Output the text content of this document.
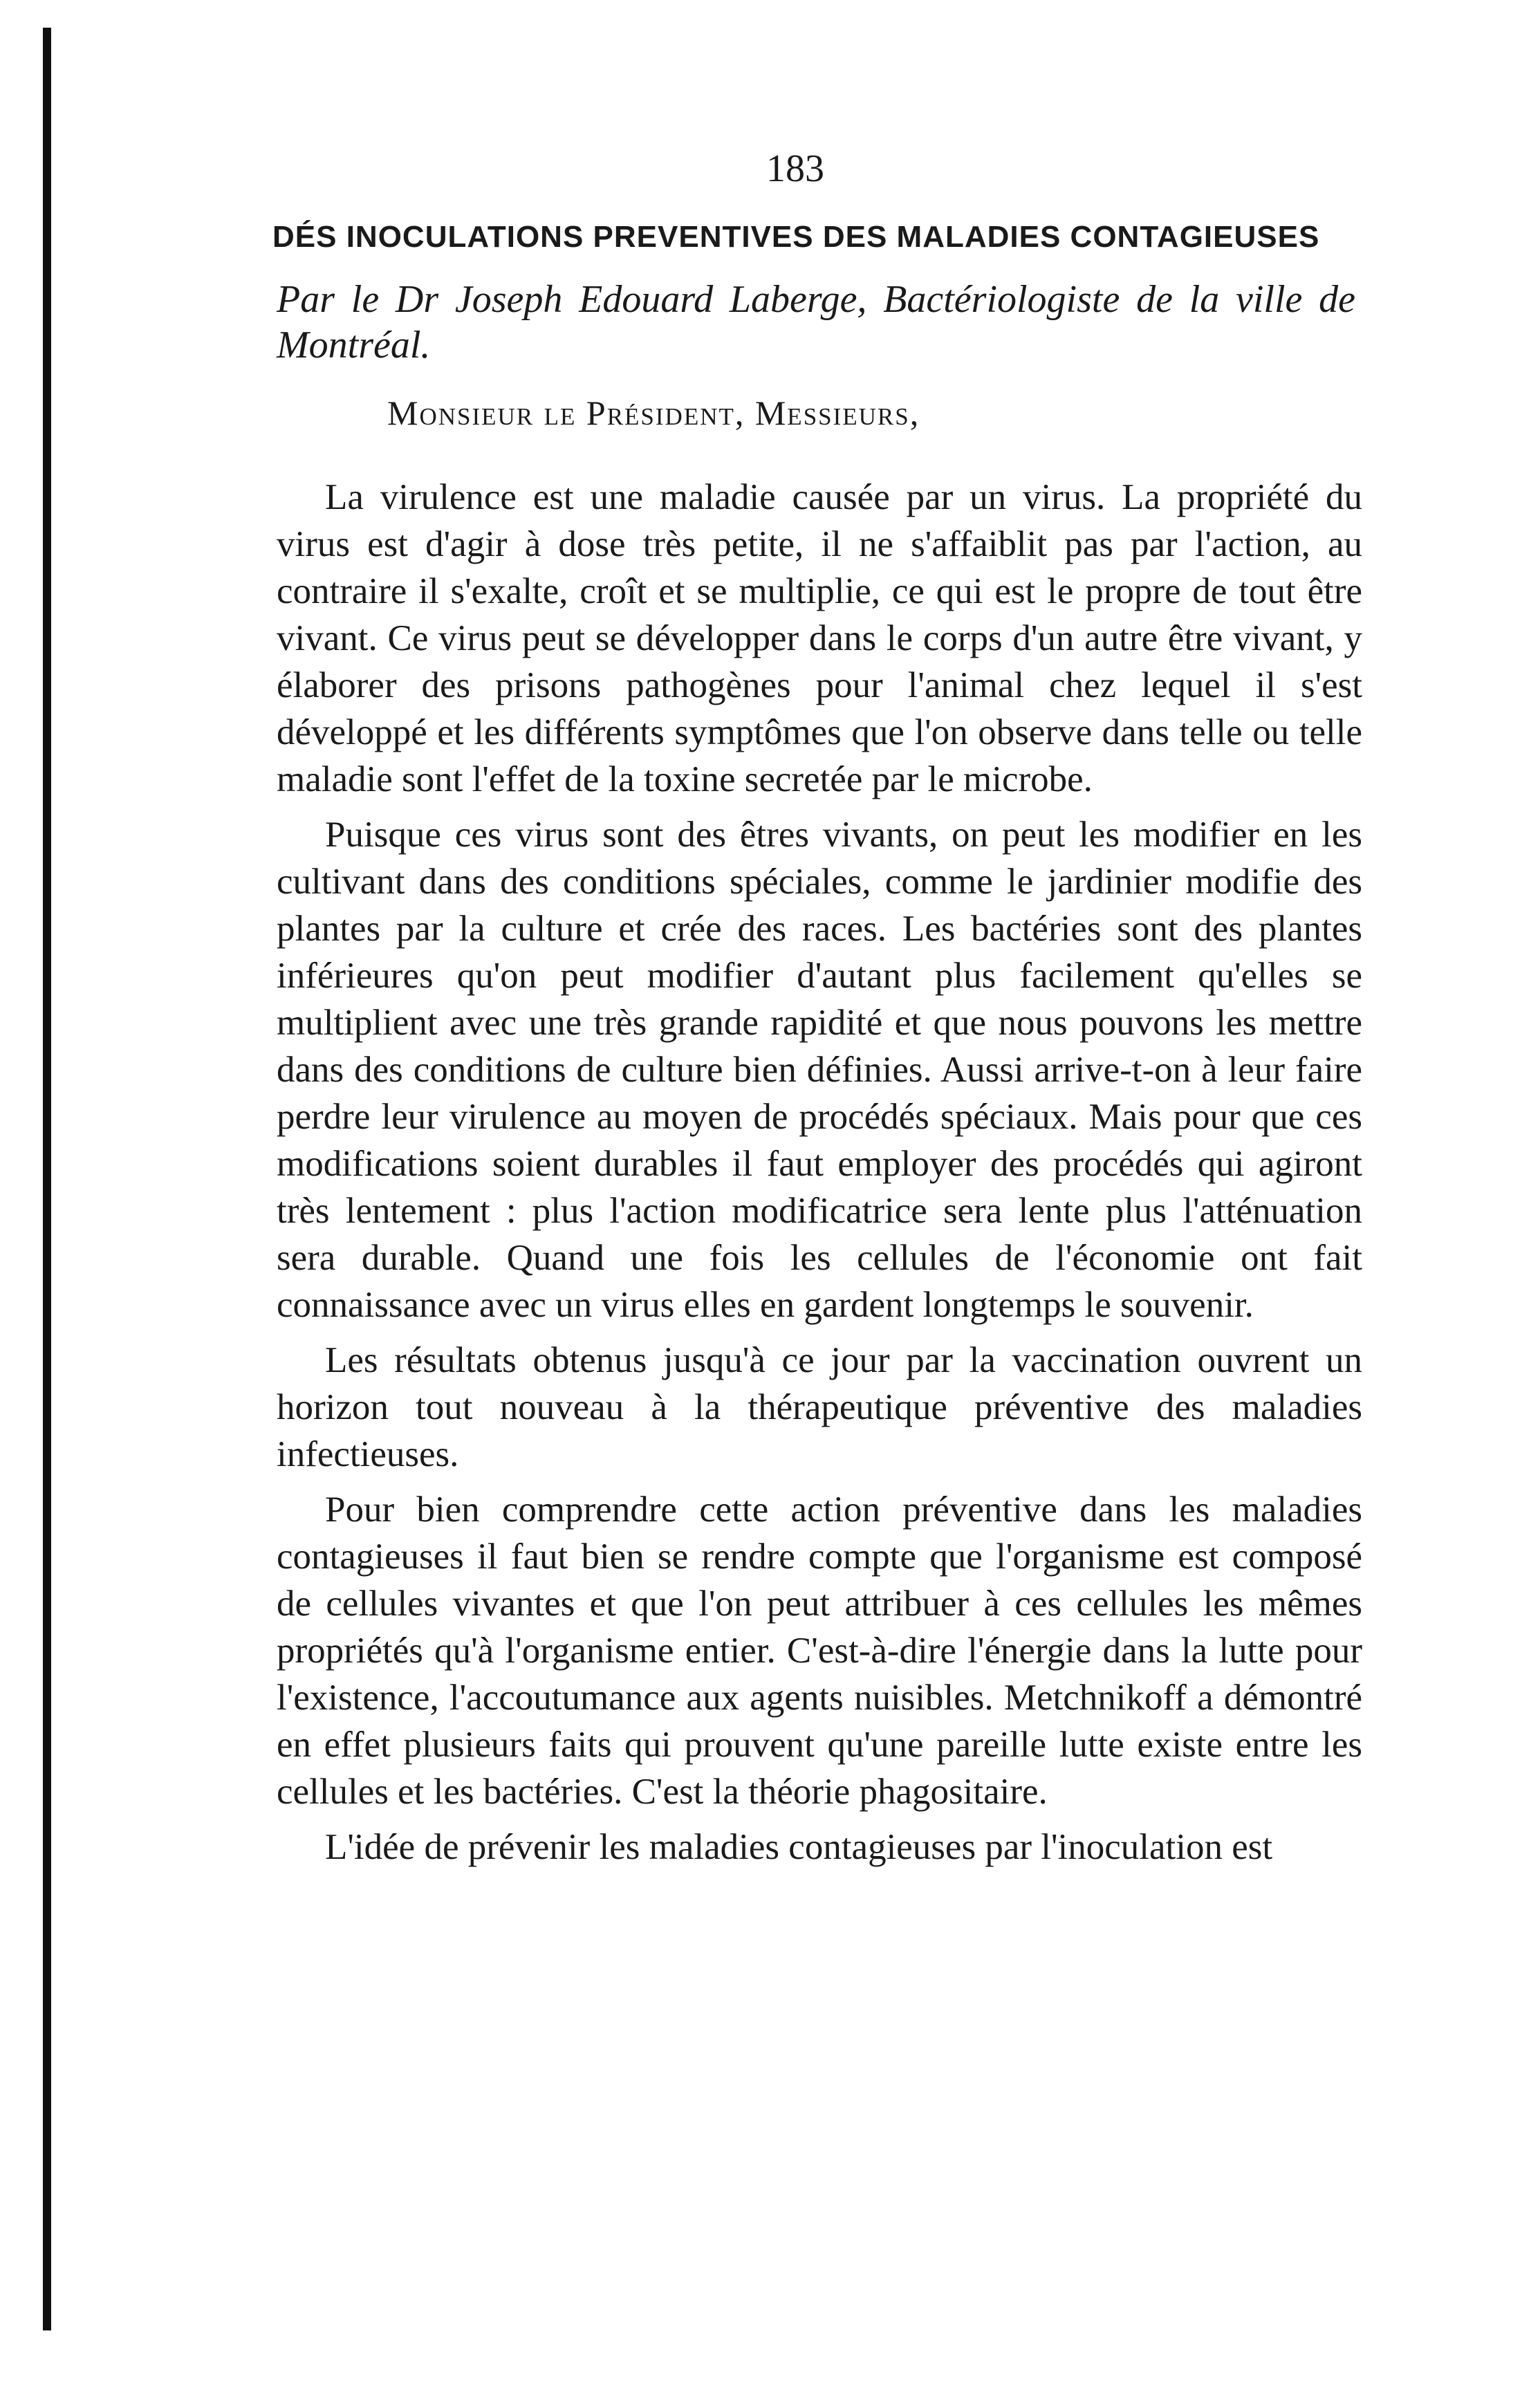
183
DÉS INOCULATIONS PREVENTIVES DES MALADIES CONTAGIEUSES
Par le Dr Joseph Edouard Laberge, Bactériologiste de la ville de Montréal.
Monsieur le Président, Messieurs,

La virulence est une maladie causée par un virus. La propriété du virus est d'agir à dose très petite, il ne s'affaiblit pas par l'action, au contraire il s'exalte, croît et se multiplie, ce qui est le propre de tout être vivant. Ce virus peut se développer dans le corps d'un autre être vivant, y élaborer des prisons pathogènes pour l'animal chez lequel il s'est développé et les différents symptômes que l'on observe dans telle ou telle maladie sont l'effet de la toxine secretée par le microbe.

Puisque ces virus sont des êtres vivants, on peut les modifier en les cultivant dans des conditions spéciales, comme le jardinier modifie des plantes par la culture et crée des races. Les bactéries sont des plantes inférieures qu'on peut modifier d'autant plus facilement qu'elles se multiplient avec une très grande rapidité et que nous pouvons les mettre dans des conditions de culture bien définies. Aussi arrive-t-on à leur faire perdre leur virulence au moyen de procédés spéciaux. Mais pour que ces modifications soient durables il faut employer des procédés qui agiront très lentement : plus l'action modificatrice sera lente plus l'atténuation sera durable. Quand une fois les cellules de l'économie ont fait connaissance avec un virus elles en gardent longtemps le souvenir.

Les résultats obtenus jusqu'à ce jour par la vaccination ouvrent un horizon tout nouveau à la thérapeutique préventive des maladies infectieuses.

Pour bien comprendre cette action préventive dans les maladies contagieuses il faut bien se rendre compte que l'organisme est composé de cellules vivantes et que l'on peut attribuer à ces cellules les mêmes propriétés qu'à l'organisme entier. C'est-à-dire l'énergie dans la lutte pour l'existence, l'accoutumance aux agents nuisibles. Metchnikoff a démontré en effet plusieurs faits qui prouvent qu'une pareille lutte existe entre les cellules et les bactéries. C'est la théorie phagositaire.

L'idée de prévenir les maladies contagieuses par l'inoculation est
